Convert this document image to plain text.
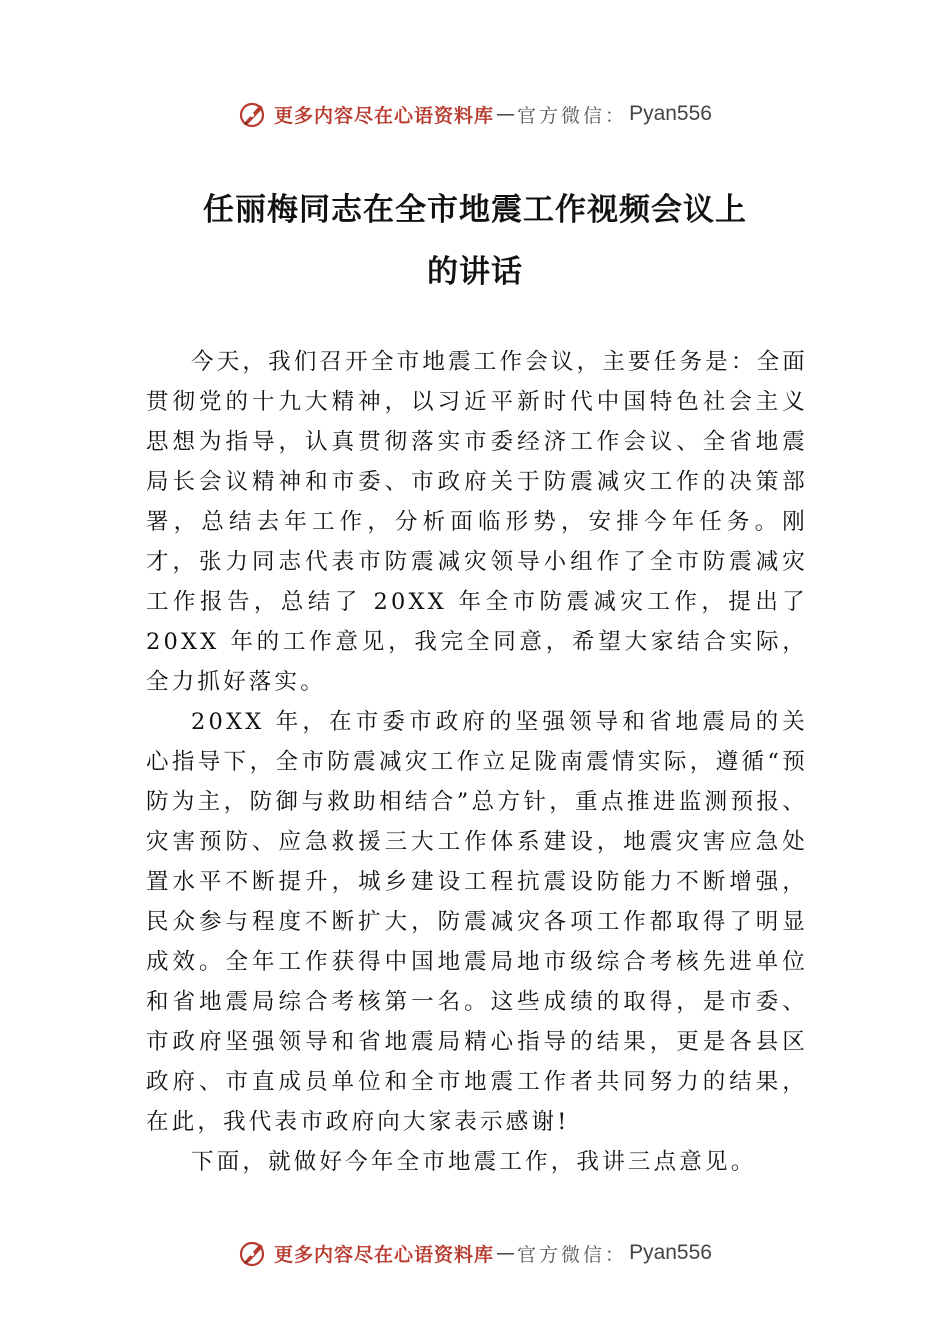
更多内容尽在心语资料库 — 官方微信： Pyan556
任丽梅同志在全市地震工作视频会议上
的讲话

今天，我们召开全市地震工作会议，主要任务是：全面贯彻党的十九大精神，以习近平新时代中国特色社会主义思想为指导，认真贯彻落实市委经济工作会议、全省地震局长会议精神和市委、市政府关于防震减灾工作的决策部署，总结去年工作，分析面临形势，安排今年任务。刚才，张力同志代表市防震减灾领导小组作了全市防震减灾工作报告，总结了 20XX 年全市防震减灾工作，提出了 20XX 年的工作意见，我完全同意，希望大家结合实际，全力抓好落实。

20XX 年，在市委市政府的坚强领导和省地震局的关心指导下，全市防震减灾工作立足陇南震情实际，遵循“预防为主，防御与救助相结合”总方针，重点推进监测预报、灾害预防、应急救援三大工作体系建设，地震灾害应急处置水平不断提升，城乡建设工程抗震设防能力不断增强，民众参与程度不断扩大，防震减灾各项工作都取得了明显成效。全年工作获得中国地震局地市级综合考核先进单位和省地震局综合考核第一名。这些成绩的取得，是市委、市政府坚强领导和省地震局精心指导的结果，更是各县区政府、市直成员单位和全市地震工作者共同努力的结果，在此，我代表市政府向大家表示感谢!

下面，就做好今年全市地震工作，我讲三点意见。

更多内容尽在心语资料库 — 官方微信： Pyan556
